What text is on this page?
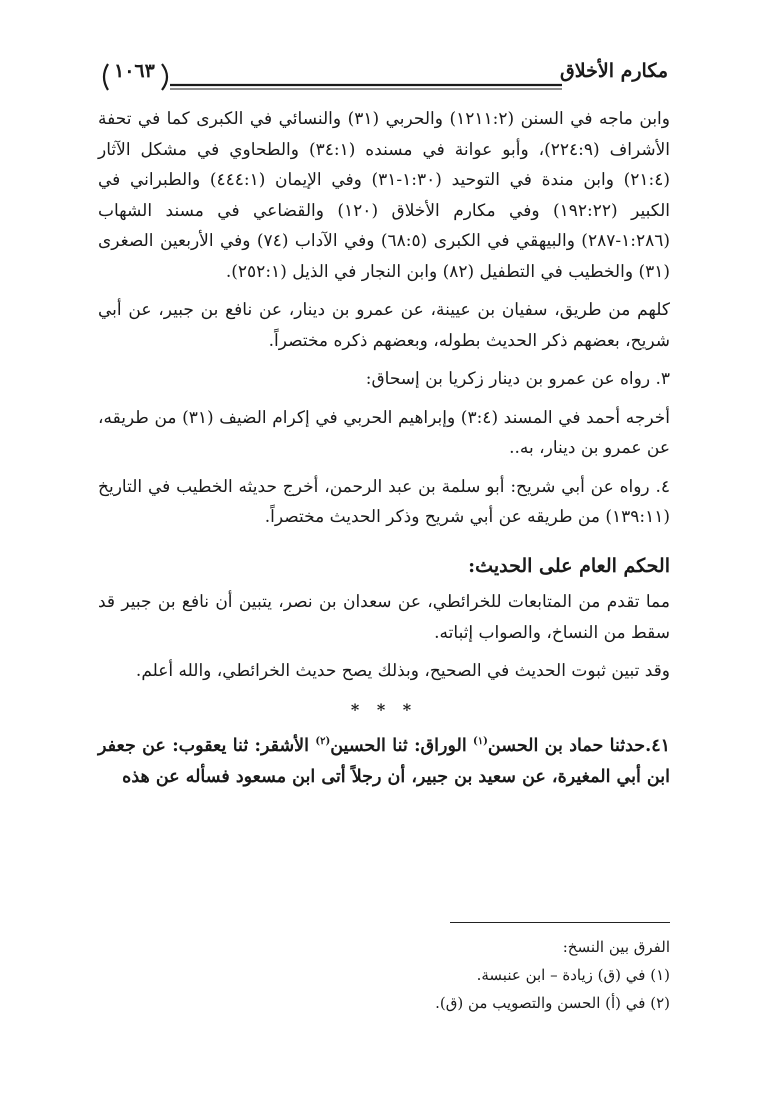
١٠٦٣	مكارم الأخلاق

وابن ماجه في السنن (١٢١١:٢) والحربي (٣١) والنسائي في الكبرى كما في تحفة الأشراف (٢٢٤:٩)، وأبو عوانة في مسنده (٣٤:١) والطحاوي في مشكل الآثار (٢١:٤) وابن مندة في التوحيد (١:٣٠-٣١) وفي الإيمان (٤٤٤:١) والطبراني في الكبير (١٩٢:٢٢) وفي مكارم الأخلاق (١٢٠) والقضاعي في مسند الشهاب (١:٢٨٦-٢٨٧) والبيهقي في الكبرى (٦٨:٥) وفي الآداب (٧٤) وفي الأربعين الصغرى (٣١) والخطيب في التطفيل (٨٢) وابن النجار في الذيل (٢٥٢:١).

كلهم من طريق، سفيان بن عيينة، عن عمرو بن دينار، عن نافع بن جبير، عن أبي شريح، بعضهم ذكر الحديث بطوله، وبعضهم ذكره مختصراً.

٣. رواه عن عمرو بن دينار زكريا بن إسحاق:

أخرجه أحمد في المسند (٣:٤) وإبراهيم الحربي في إكرام الضيف (٣١) من طريقه، عن عمرو بن دينار، به..

٤. رواه عن أبي شريح: أبو سلمة بن عبد الرحمن، أخرج حديثه الخطيب في التاريخ (١٣٩:١١) من طريقه عن أبي شريح وذكر الحديث مختصراً.

الحكم العام على الحديث:

مما تقدم من المتابعات للخرائطي، عن سعدان بن نصر، يتبين أن نافع بن جبير قد سقط من النساخ، والصواب إثباته.

وقد تبين ثبوت الحديث في الصحيح، وبذلك يصح حديث الخرائطي، والله أعلم.

* * *

٤١.حدثنا حماد بن الحسن$^{(١)}$ الوراق: ثنا الحسين$^{(٢)}$ الأشقر: ثنا يعقوب: عن جعفر ابن أبي المغيرة، عن سعيد بن جبير، أن رجلاً أتى ابن مسعود فسأله عن هذه

الفرق بين النسخ:

(١) في (ق) زيادة – ابن عنبسة.

(٢) في (أ) الحسن والتصويب من (ق).
